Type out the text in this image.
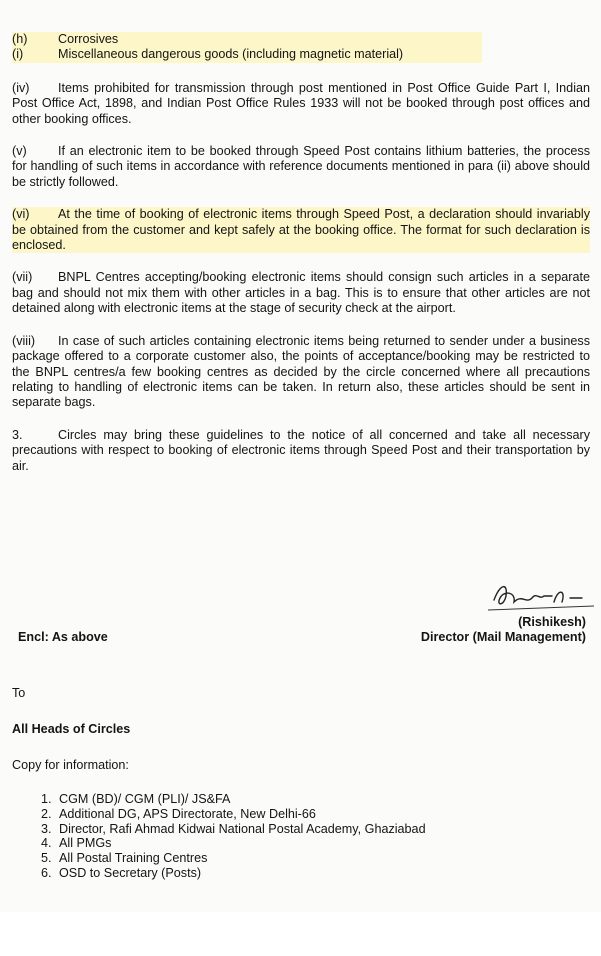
(h)	Corrosives
(i)	Miscellaneous dangerous goods (including magnetic material)

(iv) Items prohibited for transmission through post mentioned in Post Office Guide Part I, Indian Post Office Act, 1898, and Indian Post Office Rules 1933 will not be booked through post offices and other booking offices.

(v) If an electronic item to be booked through Speed Post contains lithium batteries, the process for handling of such items in accordance with reference documents mentioned in para (ii) above should be strictly followed.

(vi) At the time of booking of electronic items through Speed Post, a declaration should invariably be obtained from the customer and kept safely at the booking office. The format for such declaration is enclosed.

(vii) BNPL Centres accepting/booking electronic items should consign such articles in a separate bag and should not mix them with other articles in a bag. This is to ensure that other articles are not detained along with electronic items at the stage of security check at the airport.

(viii) In case of such articles containing electronic items being returned to sender under a business package offered to a corporate customer also, the points of acceptance/booking may be restricted to the BNPL centres/a few booking centres as decided by the circle concerned where all precautions relating to handling of electronic items can be taken. In return also, these articles should be sent in separate bags.

3.	Circles may bring these guidelines to the notice of all concerned and take all necessary precautions with respect to booking of electronic items through Speed Post and their transportation by air.

(Rishikesh)
Director (Mail Management)
Encl: As above
To
All Heads of Circles
Copy for information:
1. CGM (BD)/ CGM (PLI)/ JS&FA
2. Additional DG, APS Directorate, New Delhi-66
3. Director, Rafi Ahmad Kidwai National Postal Academy, Ghaziabad
4. All PMGs
5. All Postal Training Centres
6. OSD to Secretary (Posts)
